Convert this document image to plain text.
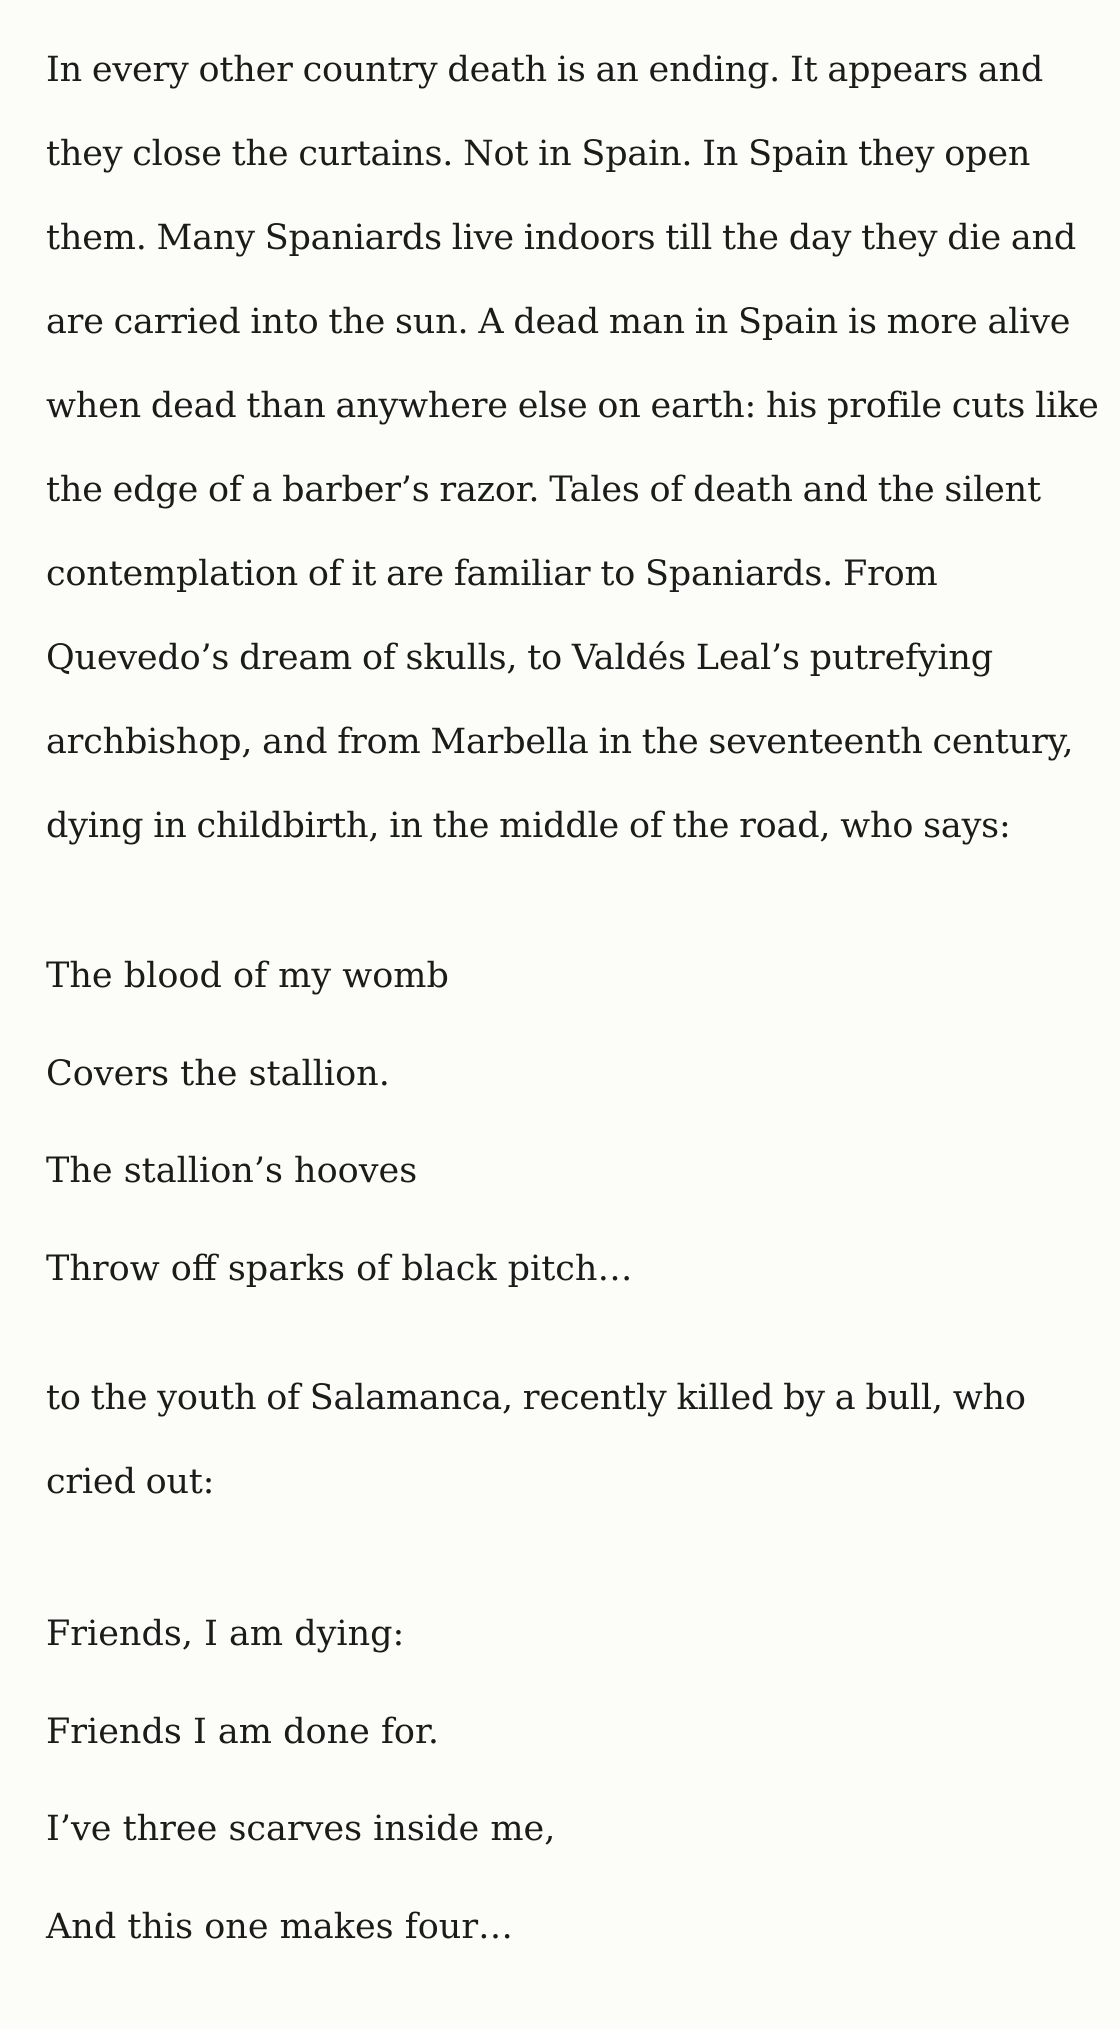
In every other country death is an ending. It appears and
they close the curtains. Not in Spain. In Spain they open
them. Many Spaniards live indoors till the day they die and
are carried into the sun. A dead man in Spain is more alive
when dead than anywhere else on earth: his profile cuts like
the edge of a barber’s razor. Tales of death and the silent
contemplation of it are familiar to Spaniards. From
Quevedo’s dream of skulls, to Valdés Leal’s putrefying
archbishop, and from Marbella in the seventeenth century,
dying in childbirth, in the middle of the road, who says:

The blood of my womb
Covers the stallion.
The stallion’s hooves
Throw off sparks of black pitch…

to the youth of Salamanca, recently killed by a bull, who
cried out:

Friends, I am dying:
Friends I am done for.
I’ve three scarves inside me,
And this one makes four…
